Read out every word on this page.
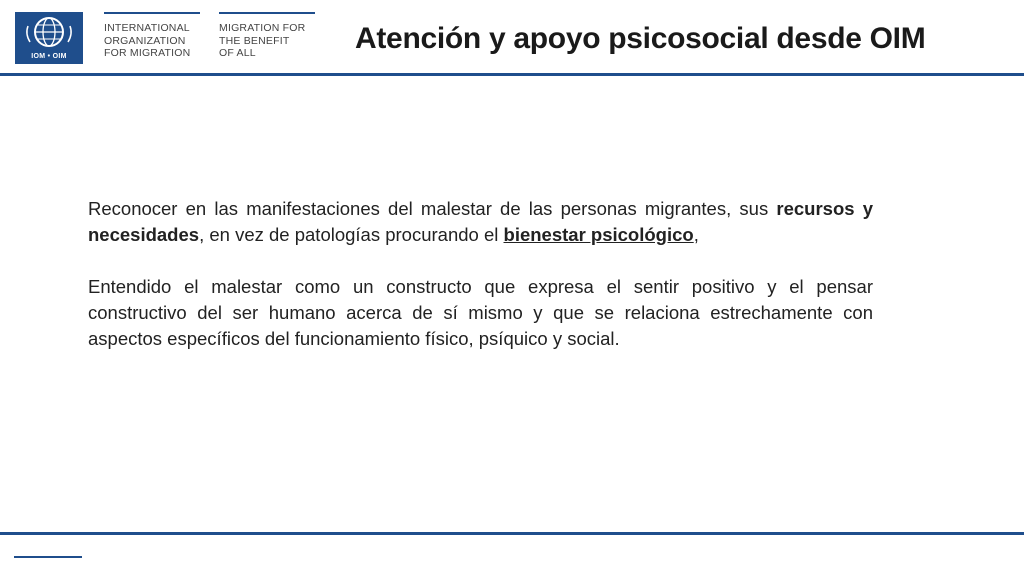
IOM • OIM
INTERNATIONAL
ORGANIZATION
FOR MIGRATION
MIGRATION FOR
THE BENEFIT
OF ALL	Atención y apoyo psicosocial desde OIM

Reconocer en las manifestaciones del malestar de las personas migrantes, sus recursos y necesidades, en vez de patologías procurando el bienestar psicológico,

Entendido el malestar como un constructo que expresa el sentir positivo y el pensar constructivo del ser humano acerca de sí mismo y que se relaciona estrechamente con aspectos específicos del funcionamiento físico, psíquico y social.
